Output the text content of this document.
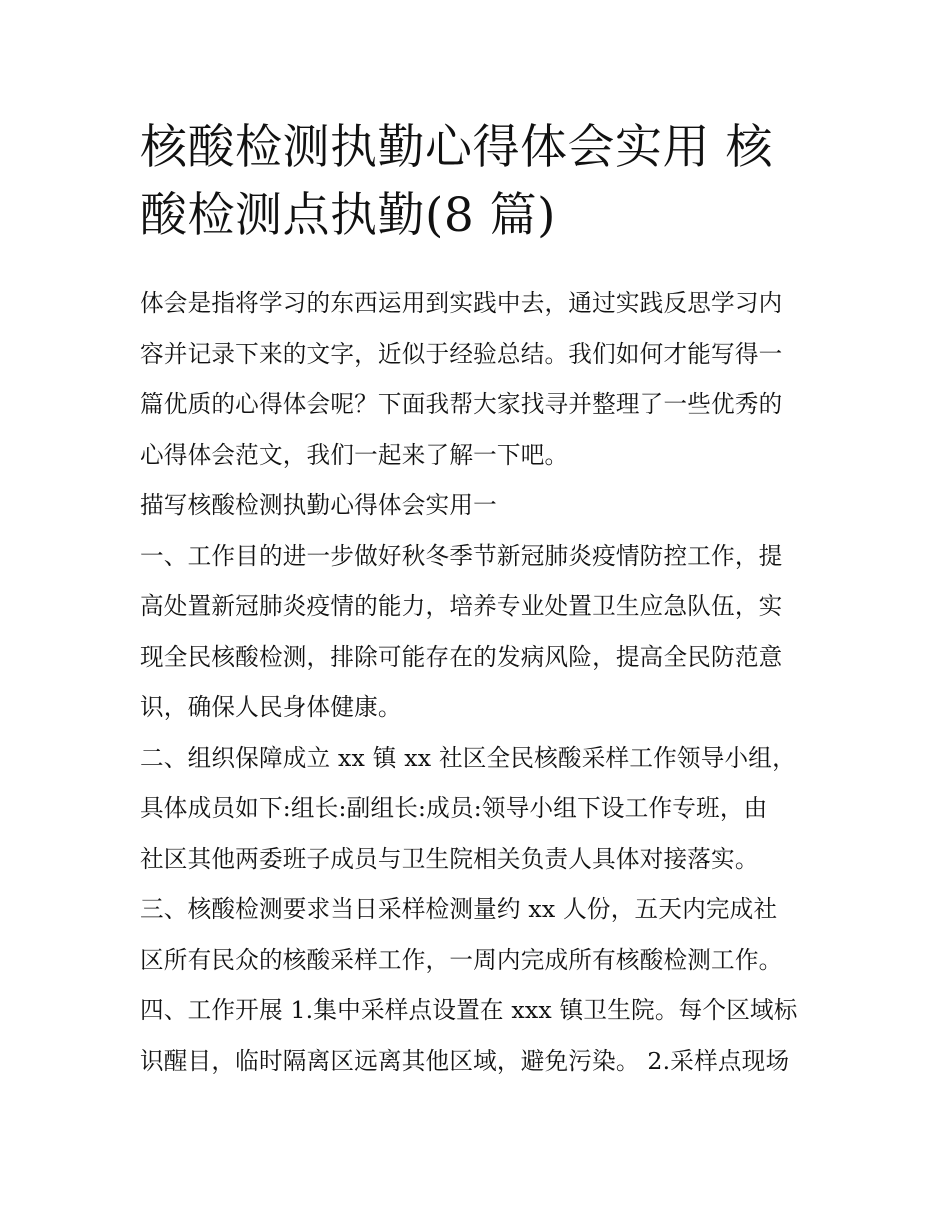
核酸检测执勤心得体会实用 核
酸检测点执勤(8 篇)
体会是指将学习的东西运用到实践中去，通过实践反思学习内
容并记录下来的文字，近似于经验总结。我们如何才能写得一
篇优质的心得体会呢？下面我帮大家找寻并整理了一些优秀的
心得体会范文，我们一起来了解一下吧。
描写核酸检测执勤心得体会实用一
一、工作目的进一步做好秋冬季节新冠肺炎疫情防控工作，提
高处置新冠肺炎疫情的能力，培养专业处置卫生应急队伍，实
现全民核酸检测，排除可能存在的发病风险，提高全民防范意
识，确保人民身体健康。
二、组织保障成立 xx 镇 xx 社区全民核酸采样工作领导小组，
具体成员如下:组长:副组长:成员:领导小组下设工作专班，由
社区其他两委班子成员与卫生院相关负责人具体对接落实。
三、核酸检测要求当日采样检测量约 xx 人份，五天内完成社
区所有民众的核酸采样工作，一周内完成所有核酸检测工作。
四、工作开展 1.集中采样点设置在 xxx 镇卫生院。每个区域标
识醒目，临时隔离区远离其他区域，避免污染。 2.采样点现场
